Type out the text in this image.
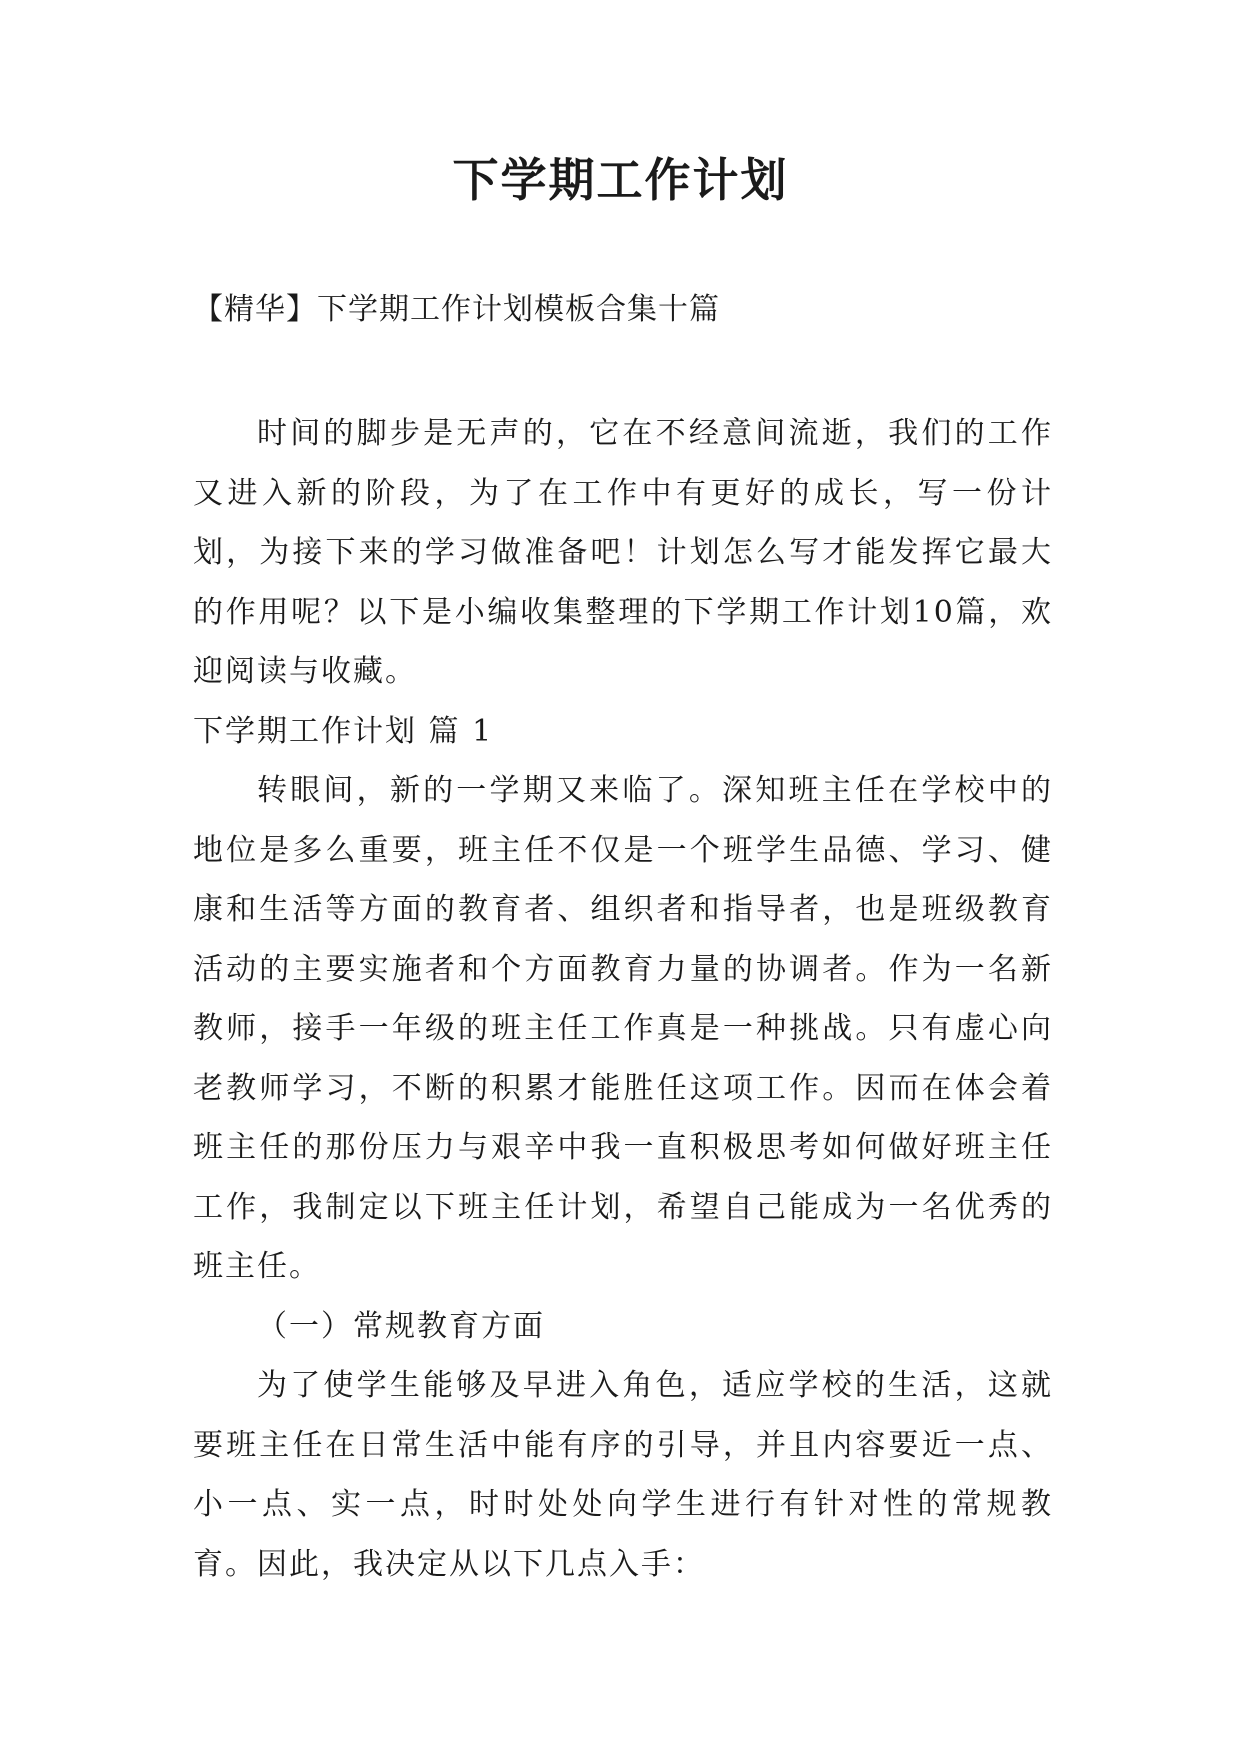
下学期工作计划
【精华】下学期工作计划模板合集十篇

时间的脚步是无声的，它在不经意间流逝，我们的工作又进入新的阶段，为了在工作中有更好的成长，写一份计划，为接下来的学习做准备吧！计划怎么写才能发挥它最大的作用呢？以下是小编收集整理的下学期工作计划10篇，欢迎阅读与收藏。

下学期工作计划 篇 1

转眼间，新的一学期又来临了。深知班主任在学校中的地位是多么重要，班主任不仅是一个班学生品德、学习、健康和生活等方面的教育者、组织者和指导者，也是班级教育活动的主要实施者和个方面教育力量的协调者。作为一名新教师，接手一年级的班主任工作真是一种挑战。只有虚心向老教师学习，不断的积累才能胜任这项工作。因而在体会着班主任的那份压力与艰辛中我一直积极思考如何做好班主任工作，我制定以下班主任计划，希望自己能成为一名优秀的班主任。

（一）常规教育方面

为了使学生能够及早进入角色，适应学校的生活，这就要班主任在日常生活中能有序的引导，并且内容要近一点、小一点、实一点，时时处处向学生进行有针对性的常规教育。因此，我决定从以下几点入手：
